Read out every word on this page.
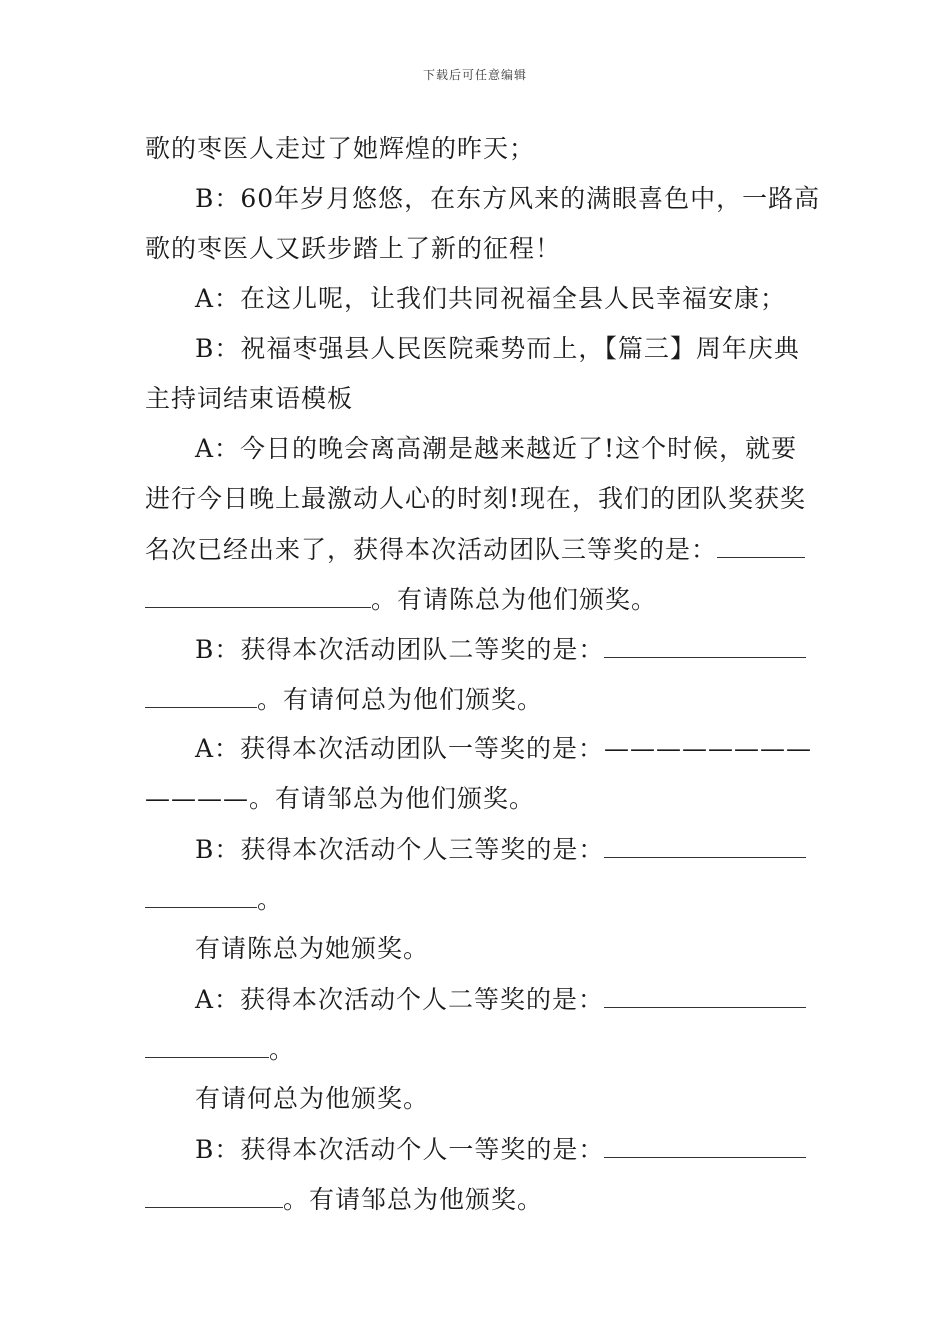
下载后可任意编辑
歌的枣医人走过了她辉煌的昨天；
B：60年岁月悠悠，在东方风来的满眼喜色中，一路高
歌的枣医人又跃步踏上了新的征程！
A：在这儿呢，让我们共同祝福全县人民幸福安康；
B：祝福枣强县人民医院乘势而上，【篇三】周年庆典
主持词结束语模板
A：今日的晚会离高潮是越来越近了!这个时候，就要
进行今日晚上最激动人心的时刻!现在，我们的团队奖获奖
名次已经出来了，获得本次活动团队三等奖的是：
。有请陈总为他们颁奖。
B：获得本次活动团队二等奖的是：
。有请何总为他们颁奖。
A：获得本次活动团队一等奖的是：————————
————。有请邹总为他们颁奖。
B：获得本次活动个人三等奖的是：
。
有请陈总为她颁奖。
A：获得本次活动个人二等奖的是：
。
有请何总为他颁奖。
B：获得本次活动个人一等奖的是：
。有请邹总为他颁奖。
